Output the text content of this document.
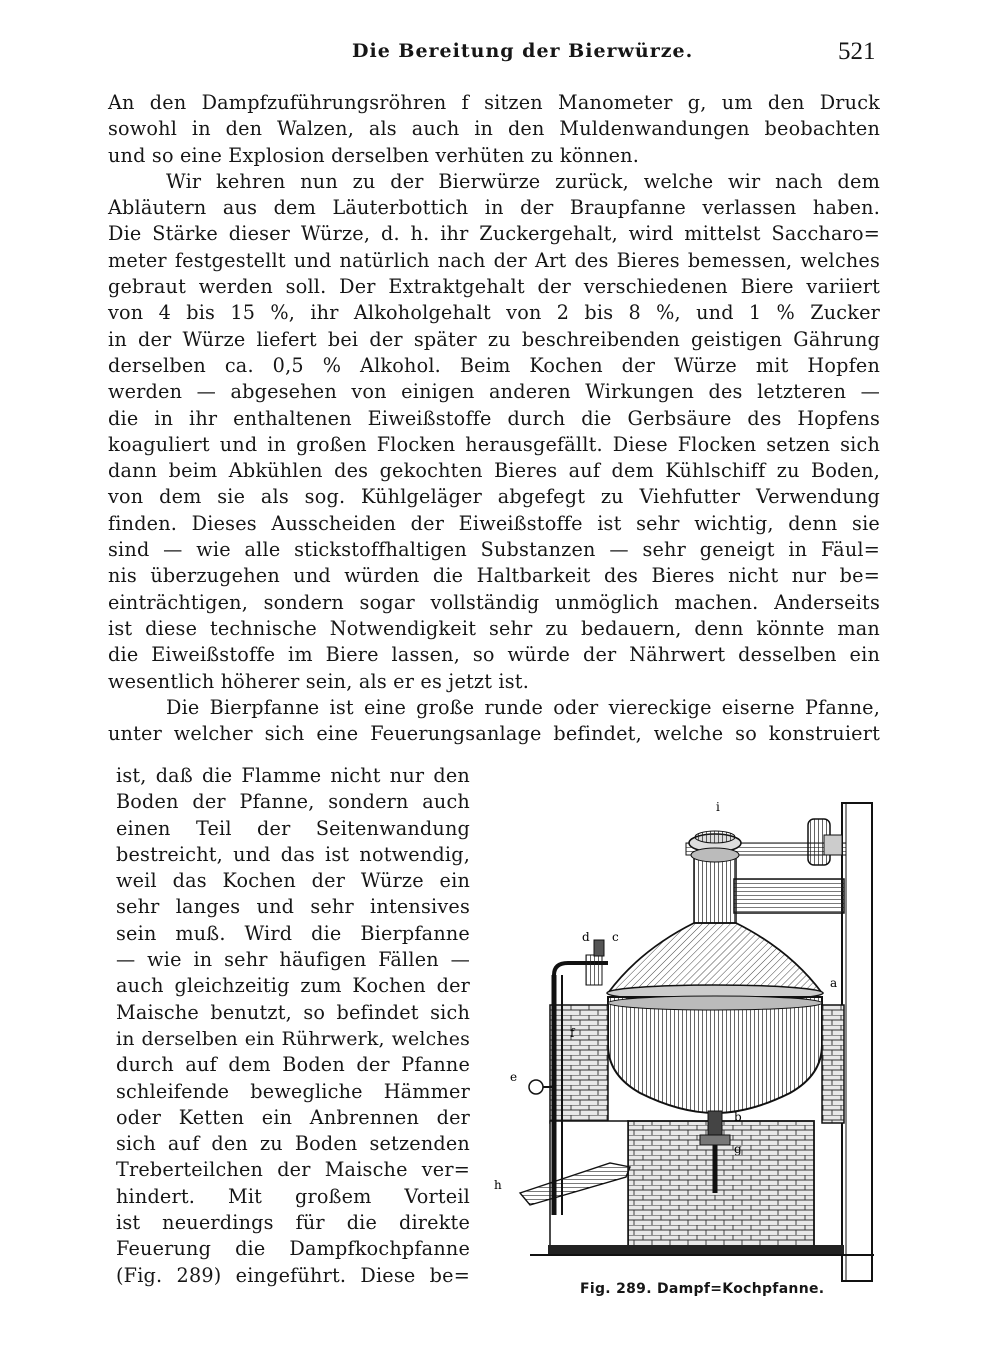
Die Bereitung der Bierwürze.	521
An den Dampfzuführungsröhren f sitzen Manometer g, um den Druck
sowohl in den Walzen, als auch in den Muldenwandungen beobachten
und so eine Explosion derselben verhüten zu können.
Wir kehren nun zu der Bierwürze zurück, welche wir nach dem
Abläutern aus dem Läuterbottich in der Braupfanne verlassen haben.
Die Stärke dieser Würze, d. h. ihr Zuckergehalt, wird mittelst Saccharo=
meter festgestellt und natürlich nach der Art des Bieres bemessen, welches
gebraut werden soll. Der Extraktgehalt der verschiedenen Biere variiert
von 4 bis 15 %, ihr Alkoholgehalt von 2 bis 8 %, und 1 % Zucker
in der Würze liefert bei der später zu beschreibenden geistigen Gährung
derselben ca. 0,5 % Alkohol. Beim Kochen der Würze mit Hopfen
werden — abgesehen von einigen anderen Wirkungen des letzteren —
die in ihr enthaltenen Eiweißstoffe durch die Gerbsäure des Hopfens
koaguliert und in großen Flocken herausgefällt. Diese Flocken setzen sich
dann beim Abkühlen des gekochten Bieres auf dem Kühlschiff zu Boden,
von dem sie als sog. Kühlgeläger abgefegt zu Viehfutter Verwendung
finden. Dieses Ausscheiden der Eiweißstoffe ist sehr wichtig, denn sie
sind — wie alle stickstoffhaltigen Substanzen — sehr geneigt in Fäul=
nis überzugehen und würden die Haltbarkeit des Bieres nicht nur be=
einträchtigen, sondern sogar vollständig unmöglich machen. Anderseits
ist diese technische Notwendigkeit sehr zu bedauern, denn könnte man
die Eiweißstoffe im Biere lassen, so würde der Nährwert desselben ein
wesentlich höherer sein, als er es jetzt ist.
Die Bierpfanne ist eine große runde oder viereckige eiserne Pfanne,
unter welcher sich eine Feuerungsanlage befindet, welche so konstruiert
ist, daß die Flamme nicht nur den
Boden der Pfanne, sondern auch
einen Teil der Seitenwandung
bestreicht, und das ist notwendig,
weil das Kochen der Würze ein
sehr langes und sehr intensives
sein muß. Wird die Bierpfanne
— wie in sehr häufigen Fällen —
auch gleichzeitig zum Kochen der
Maische benutzt, so befindet sich
in derselben ein Rührwerk, welches
durch auf dem Boden der Pfanne
schleifende bewegliche Hämmer
oder Ketten ein Anbrennen der
sich auf den zu Boden setzenden
Treberteilchen der Maische ver=
hindert. Mit großem Vorteil
ist neuerdings für die direkte
Feuerung die Dampfkochpfanne
(Fig. 289) eingeführt. Diese be=
i
d c
a
f
e
b
g
h
Fig. 289. Dampf=Kochpfanne.
